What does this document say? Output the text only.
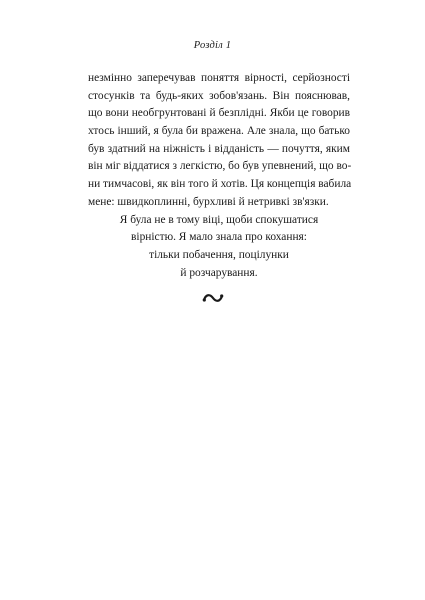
Розділ 1
незмінно заперечував поняття вірності, серйозності
стосунків та будь-яких зобов'язань. Він пояснював,
що вони необгрунтовані й безплідні. Якби це говорив
хтось інший, я була би вражена. Але знала, що батько
був здатний на ніжність і відданість — почуття, яким
він міг віддатися з легкістю, бо був упевнений, що во-
ни тимчасові, як він того й хотів. Ця концепція вабила
мене: швидкоплинні, бурхливі й нетривкі зв'язки.
Я була не в тому віці, щоби спокушатися
вірністю. Я мало знала про кохання:
тільки побачення, поцілунки
й розчарування.
